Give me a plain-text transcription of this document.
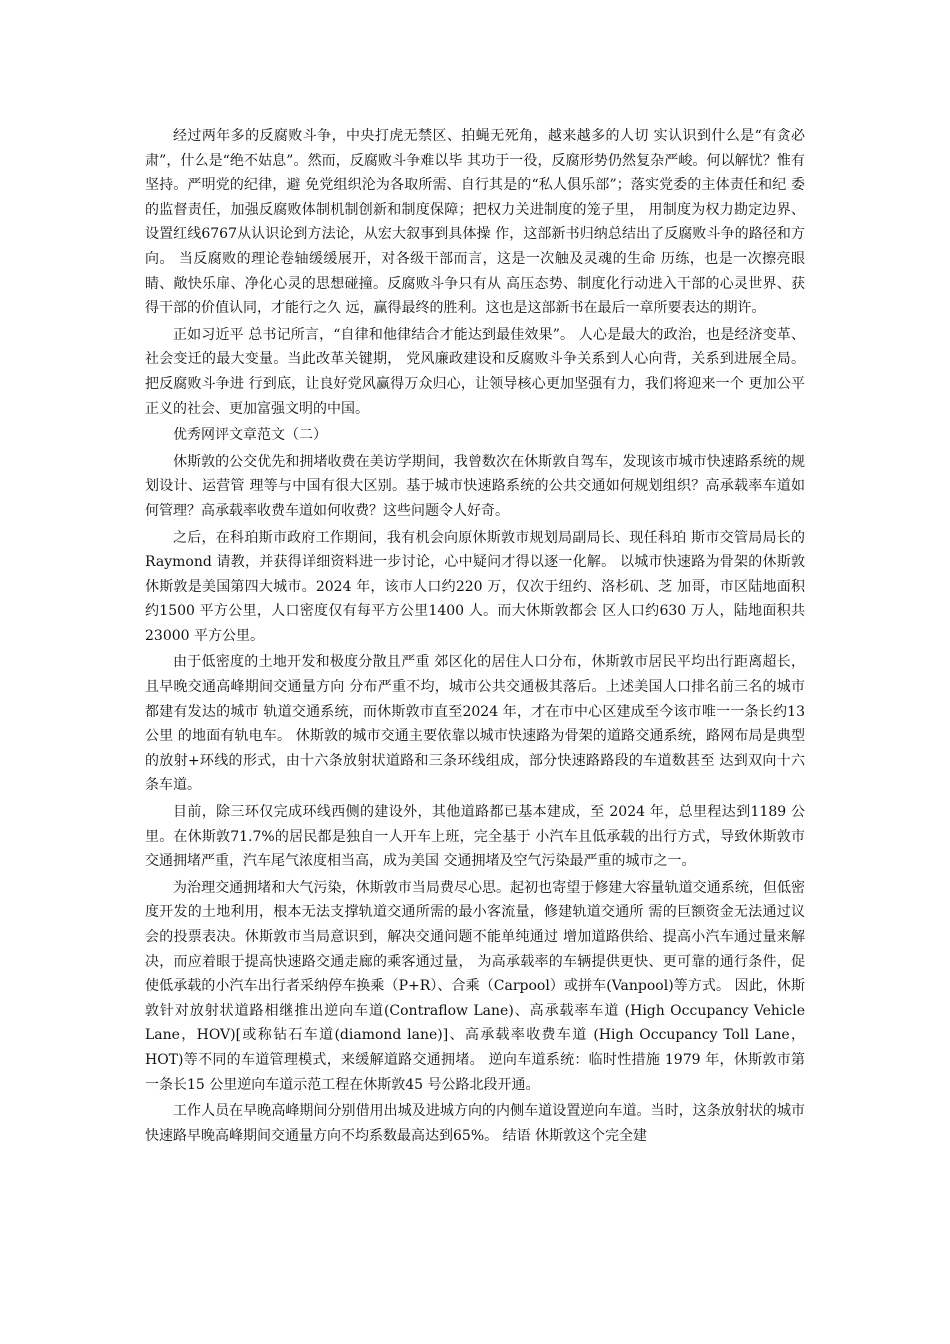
经过两年多的反腐败斗争，中央打虎无禁区、拍蝇无死角，越来越多的人切 实认识到什么是“有贪必肃”，什么是“绝不姑息”。然而，反腐败斗争难以毕 其功于一役，反腐形势仍然复杂严峻。何以解忧？惟有坚持。严明党的纪律，避 免党组织沦为各取所需、自行其是的“私人俱乐部”；落实党委的主体责任和纪 委的监督责任，加强反腐败体制机制创新和制度保障；把权力关进制度的笼子里， 用制度为权力勘定边界、设置红线6767从认识论到方法论，从宏大叙事到具体操 作，这部新书归纳总结出了反腐败斗争的路径和方向。 当反腐败的理论卷轴缓缓展开，对各级干部而言，这是一次触及灵魂的生命 历练，也是一次擦亮眼睛、敞快乐扉、净化心灵的思想碰撞。反腐败斗争只有从 高压态势、制度化行动进入干部的心灵世界、获得干部的价值认同，才能行之久 远，赢得最终的胜利。这也是这部新书在最后一章所要表达的期许。

正如习近平 总书记所言，“自律和他律结合才能达到最佳效果”。 人心是最大的政治，也是经济变革、社会变迁的最大变量。当此改革关键期， 党风廉政建设和反腐败斗争关系到人心向背，关系到进展全局。把反腐败斗争进 行到底，让良好党风赢得万众归心，让领导核心更加坚强有力，我们将迎来一个 更加公平正义的社会、更加富强文明的中国。

优秀网评文章范文（二）

休斯敦的公交优先和拥堵收费在美访学期间，我曾数次在休斯敦自驾车，发现该市城市快速路系统的规划设计、运营管 理等与中国有很大区别。基于城市快速路系统的公共交通如何规划组织？高承载率车道如何管理？高承载率收费车道如何收费？这些问题令人好奇。

之后，在科珀斯市政府工作期间，我有机会向原休斯敦市规划局副局长、现任科珀 斯市交管局局长的Raymond 请教，并获得详细资料进一步讨论，心中疑问才得以逐一化解。 以城市快速路为骨架的休斯敦 休斯敦是美国第四大城市。2024 年，该市人口约220 万，仅次于纽约、洛杉矶、芝 加哥，市区陆地面积约1500 平方公里，人口密度仅有每平方公里1400 人。而大休斯敦都会 区人口约630 万人，陆地面积共23000 平方公里。

由于低密度的土地开发和极度分散且严重 郊区化的居住人口分布，休斯敦市居民平均出行距离超长，且早晚交通高峰期间交通量方向 分布严重不均，城市公共交通极其落后。上述美国人口排名前三名的城市都建有发达的城市 轨道交通系统，而休斯敦市直至2024 年，才在市中心区建成至今该市唯一一条长约13 公里 的地面有轨电车。 休斯敦的城市交通主要依靠以城市快速路为骨架的道路交通系统，路网布局是典型 的放射+环线的形式，由十六条放射状道路和三条环线组成，部分快速路路段的车道数甚至 达到双向十六条车道。

目前，除三环仅完成环线西侧的建设外，其他道路都已基本建成，至 2024 年，总里程达到1189 公里。在休斯敦71.7%的居民都是独自一人开车上班，完全基于 小汽车且低承载的出行方式，导致休斯敦市交通拥堵严重，汽车尾气浓度相当高，成为美国 交通拥堵及空气污染最严重的城市之一。

为治理交通拥堵和大气污染，休斯敦市当局费尽心思。起初也寄望于修建大容量轨道交通系统，但低密度开发的土地利用，根本无法支撑轨道交通所需的最小客流量，修建轨道交通所 需的巨额资金无法通过议会的投票表决。休斯敦市当局意识到，解决交通问题不能单纯通过 增加道路供给、提高小汽车通过量来解决，而应着眼于提高快速路交通走廊的乘客通过量， 为高承载率的车辆提供更快、更可靠的通行条件，促使低承载的小汽车出行者采纳停车换乘（P+R）、合乘（Carpool）或拼车(Vanpool)等方式。 因此，休斯敦针对放射状道路相继推出逆向车道(Contraflow Lane)、高承载率车道 (High Occupancy Vehicle Lane，HOV)[或称钻石车道(diamond lane)]、高承载率收费车道 (High Occupancy Toll Lane，HOT)等不同的车道管理模式，来缓解道路交通拥堵。 逆向车道系统：临时性措施 1979 年，休斯敦市第一条长15 公里逆向车道示范工程在休斯敦45 号公路北段开通。

工作人员在早晚高峰期间分别借用出城及进城方向的内侧车道设置逆向车道。当时，这条放射状的城市快速路早晚高峰期间交通量方向不均系数最高达到65%。 结语 休斯敦这个完全建
